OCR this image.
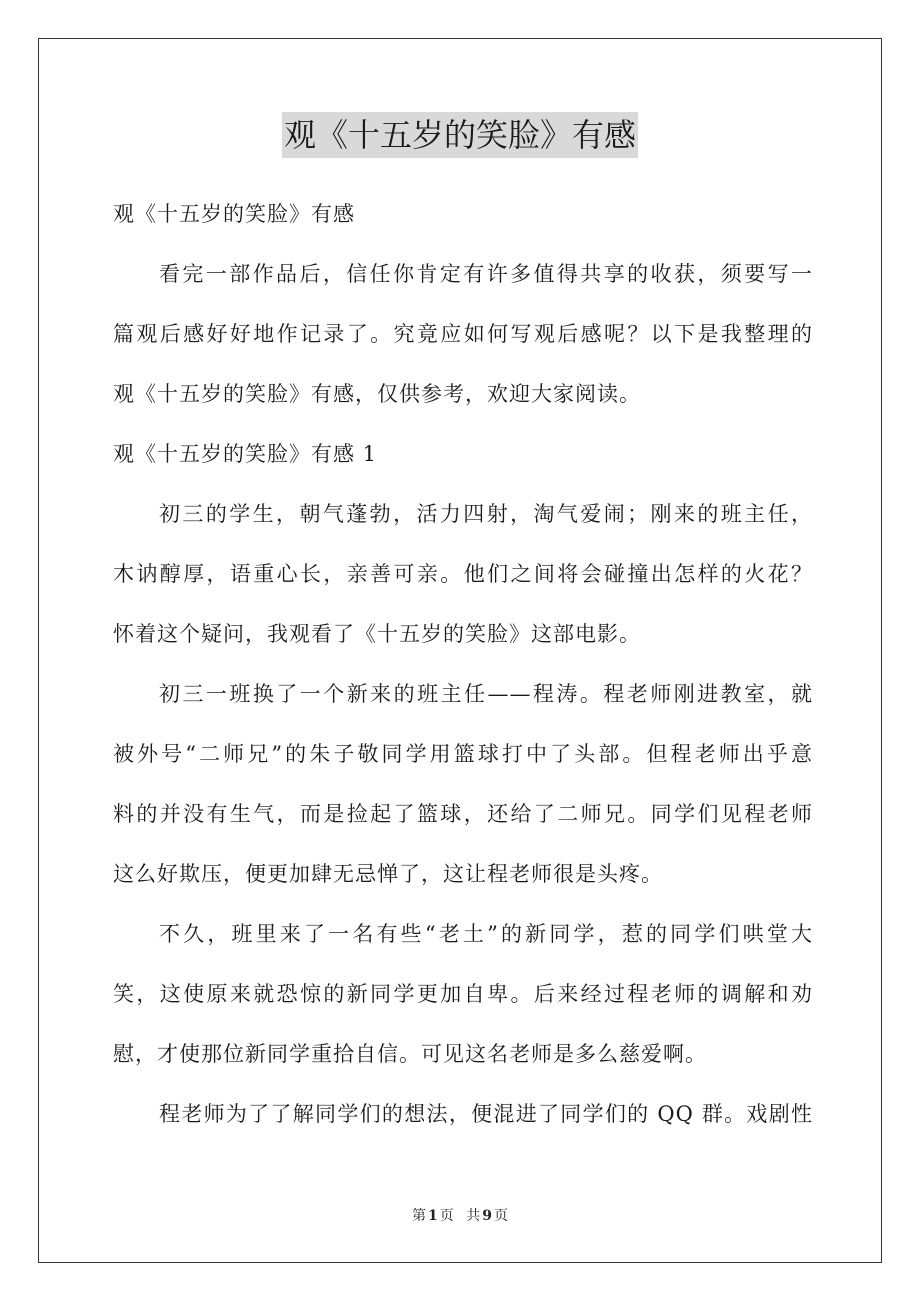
观《十五岁的笑脸》有感
观《十五岁的笑脸》有感
看完一部作品后，信任你肯定有许多值得共享的收获，须要写一
篇观后感好好地作记录了。究竟应如何写观后感呢？以下是我整理的
观《十五岁的笑脸》有感，仅供参考，欢迎大家阅读。
观《十五岁的笑脸》有感 1
初三的学生，朝气蓬勃，活力四射，淘气爱闹；刚来的班主任，
木讷醇厚，语重心长，亲善可亲。他们之间将会碰撞出怎样的火花？
怀着这个疑问，我观看了《十五岁的笑脸》这部电影。
初三一班换了一个新来的班主任——程涛。程老师刚进教室，就
被外号“二师兄”的朱子敬同学用篮球打中了头部。但程老师出乎意
料的并没有生气，而是捡起了篮球，还给了二师兄。同学们见程老师
这么好欺压，便更加肆无忌惮了，这让程老师很是头疼。
不久，班里来了一名有些“老土”的新同学，惹的同学们哄堂大
笑，这使原来就恐惊的新同学更加自卑。后来经过程老师的调解和劝
慰，才使那位新同学重拾自信。可见这名老师是多么慈爱啊。
程老师为了了解同学们的想法，便混进了同学们的 QQ 群。戏剧性
第 1 页 共 9 页
